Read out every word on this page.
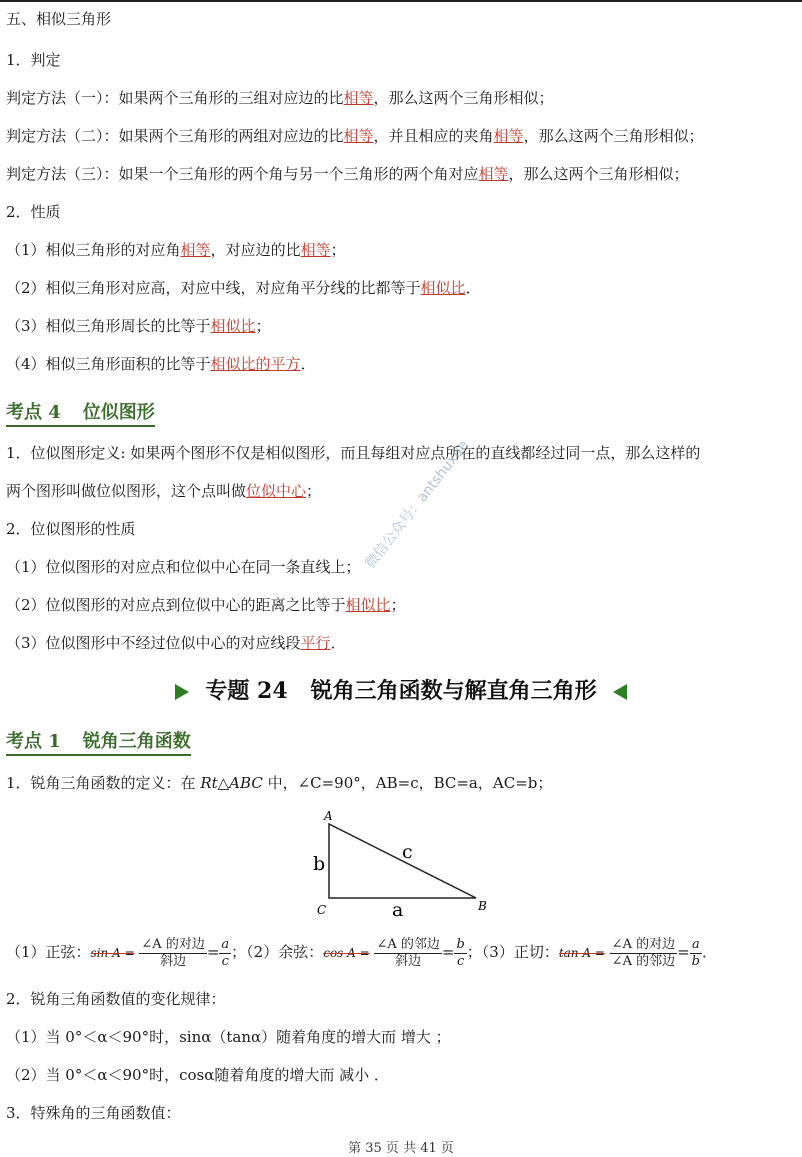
五、相似三角形
1．判定
判定方法（一）：如果两个三角形的三组对应边的比相等，那么这两个三角形相似；
判定方法（二）：如果两个三角形的两组对应边的比相等，并且相应的夹角相等，那么这两个三角形相似；
判定方法（三）：如果一个三角形的两个角与另一个三角形的两个角对应相等，那么这两个三角形相似；
2．性质
（1）相似三角形的对应角相等，对应边的比相等；
（2）相似三角形对应高，对应中线，对应角平分线的比都等于相似比．
（3）相似三角形周长的比等于相似比；
（4）相似三角形面积的比等于相似比的平方．
考点 4 位似图形
1．位似图形定义: 如果两个图形不仅是相似图形，而且每组对应点所在的直线都经过同一点，那么这样的
两个图形叫做位似图形，这个点叫做位似中心；
2．位似图形的性质
（1）位似图形的对应点和位似中心在同一条直线上；
（2）位似图形的对应点到位似中心的距离之比等于相似比；
（3）位似图形中不经过位似中心的对应线段平行．
微信公众号：antshuxue
专题 24 锐角三角函数与解直角三角形
考点 1 锐角三角函数
1．锐角三角函数的定义：在 Rt△ABC 中，∠C=90°，AB=c，BC=a，AC=b；
A
C	B
b
c
a
（1）正弦：$\sin A = \frac{\text{∠A 的对边}}{\text{斜边}} = \frac{a}{c}$ ；（2）余弦：$\cos A = \frac{\text{∠A 的邻边}}{\text{斜边}} = \frac{b}{c}$ ；（3）正切：$\tan A = \frac{\text{∠A 的对边}}{\text{∠A 的邻边}} = \frac{a}{b}$ ．
2．锐角三角函数值的变化规律：
（1）当 0°＜α＜90°时，sinα（tanα）随着角度的增大而 增大 ；
（2）当 0°＜α＜90°时，cosα随着角度的增大而 减小 ．
3．特殊角的三角函数值：
第 35 页 共 41 页
